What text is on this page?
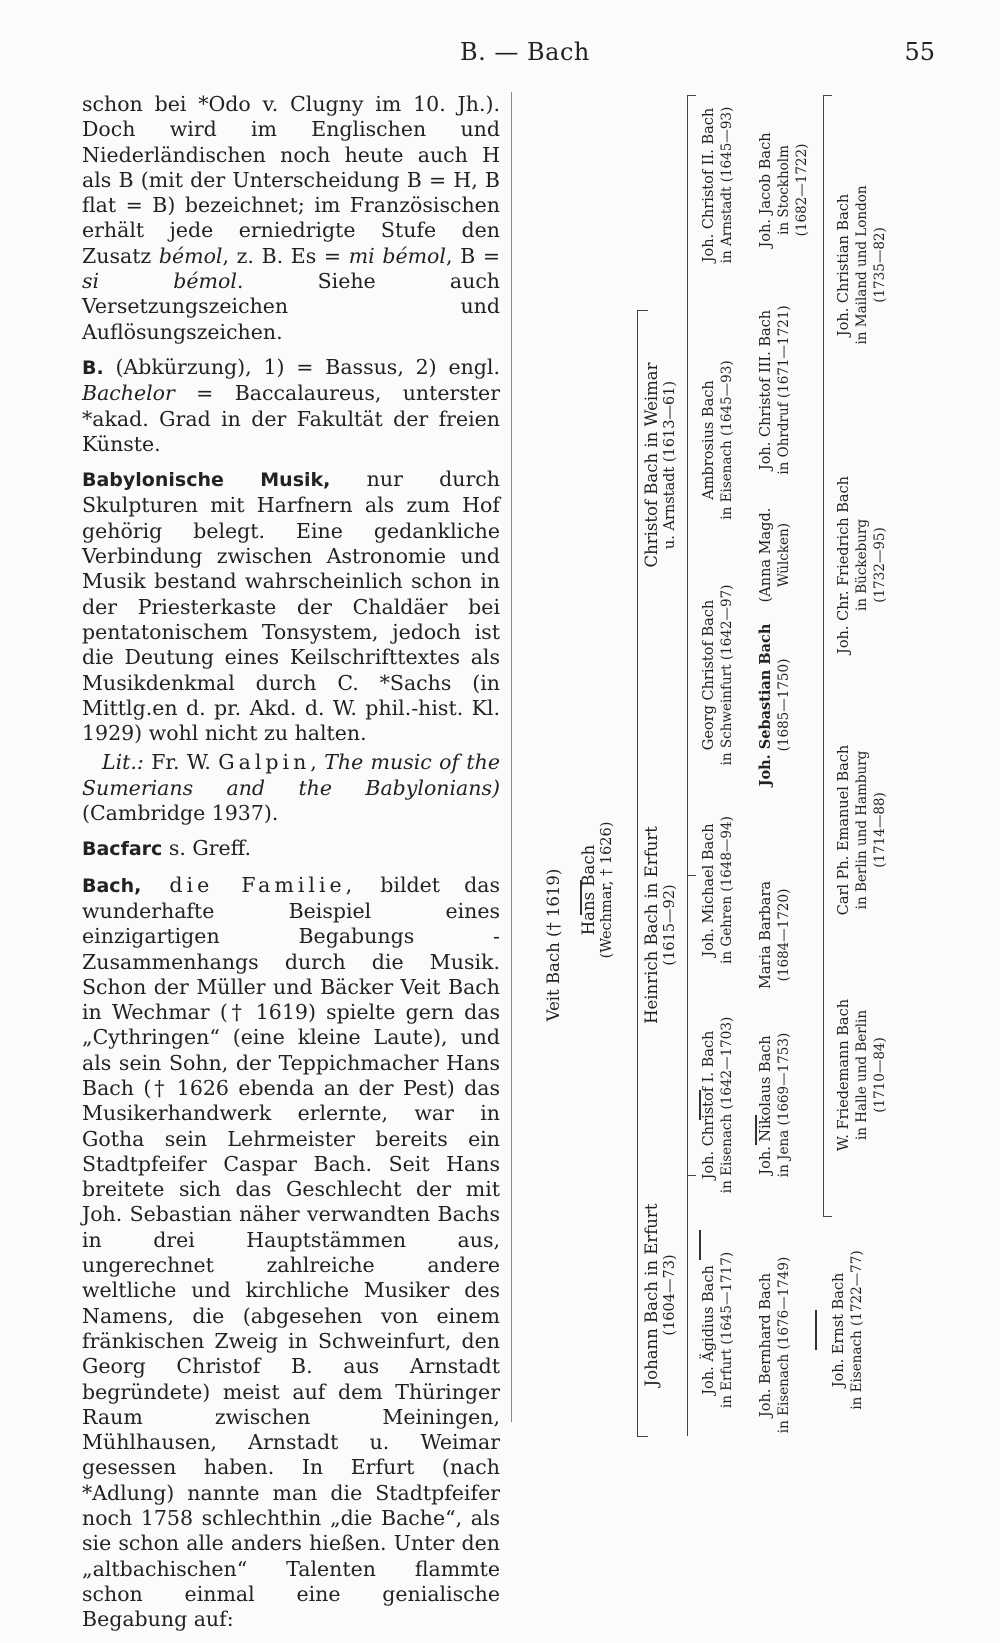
B. — Bach	55

schon bei *Odo v. Clugny im 10. Jh.). Doch wird im Englischen und Niederländischen noch heute auch H als B (mit der Unterscheidung B = H, B flat = B) bezeichnet; im Französischen erhält jede erniedrigte Stufe den Zusatz bémol, z. B. Es = mi bémol, B = si bémol. Siehe auch Versetzungszeichen und Auflösungszeichen.

B. (Abkürzung), 1) = Bassus, 2) engl. Bachelor = Baccalaureus, unterster *akad. Grad in der Fakultät der freien Künste.

Babylonische Musik, nur durch Skulpturen mit Harfnern als zum Hof gehörig belegt. Eine gedankliche Verbindung zwischen Astronomie und Musik bestand wahrscheinlich schon in der Priesterkaste der Chaldäer bei pentatonischem Tonsystem, jedoch ist die Deutung eines Keilschrifttextes als Musikdenkmal durch C. *Sachs (in Mittlg.en d. pr. Akd. d. W. phil.-hist. Kl. 1929) wohl nicht zu halten.

Lit.: Fr. W. Galpin, The music of the Sumerians and the Babylonians) (Cambridge 1937).

Bacfarc s. Greff.

Bach, die Familie, bildet das wunderhafte Beispiel eines einzigartigen Begabungs - Zusammenhangs durch die Musik. Schon der Müller und Bäcker Veit Bach in Wechmar († 1619) spielte gern das „Cythringen“ (eine kleine Laute), und als sein Sohn, der Teppichmacher Hans Bach († 1626 ebenda an der Pest) das Musikerhandwerk erlernte, war in Gotha sein Lehrmeister bereits ein Stadtpfeifer Caspar Bach. Seit Hans breitete sich das Geschlecht der mit Joh. Sebastian näher verwandten Bachs in drei Hauptstämmen aus, ungerechnet zahlreiche andere weltliche und kirchliche Musiker des Namens, die (abgesehen von einem fränkischen Zweig in Schweinfurt, den Georg Christof B. aus Arnstadt begründete) meist auf dem Thüringer Raum zwischen Meiningen, Mühlhausen, Arnstadt u. Weimar gesessen haben. In Erfurt (nach *Adlung) nannte man die Stadtpfeifer noch 1758 schlechthin „die Bache“, als sie schon alle anders hießen. Unter den „altbachischen“ Talenten flammte schon einmal eine genialische Begabung auf:

Veit Bach († 1619) Hans Bach (Wechmar, † 1626)
Johann Bach in Erfurt (1604—73)
Heinrich Bach in Erfurt (1615—92)
Christof Bach in Weimar u. Arnstadt (1613—61)
Joh. Ägidius Bach in Erfurt (1645—1717)
Joh. Christof I. Bach in Eisenach (1642—1703)
Joh. Michael Bach in Gehren (1648—94)
Georg Christof Bach in Schweinfurt (1642—97)
Ambrosius Bach in Eisenach (1645—93)
Joh. Christof II. Bach in Arnstadt (1645—93)
Joh. Bernhard Bach in Eisenach (1676—1749)
Joh. Nikolaus Bach in Jena (1669—1753)
Maria Barbara (1684—1720)
Joh. Sebastian Bach (1685—1750)
(Anna Magd. Wülcken)
Joh. Christof III. Bach in Ohrdruf (1671—1721)
Joh. Jacob Bach in Stockholm (1682—1722)
Joh. Ernst Bach in Eisenach (1722—77)
W. Friedemann Bach in Halle und Berlin (1710—84)
Carl Ph. Emanuel Bach in Berlin und Hamburg (1714—88)
Joh. Chr. Friedrich Bach in Bückeburg (1732—95)
Joh. Christian Bach in Mailand und London (1735—82)
